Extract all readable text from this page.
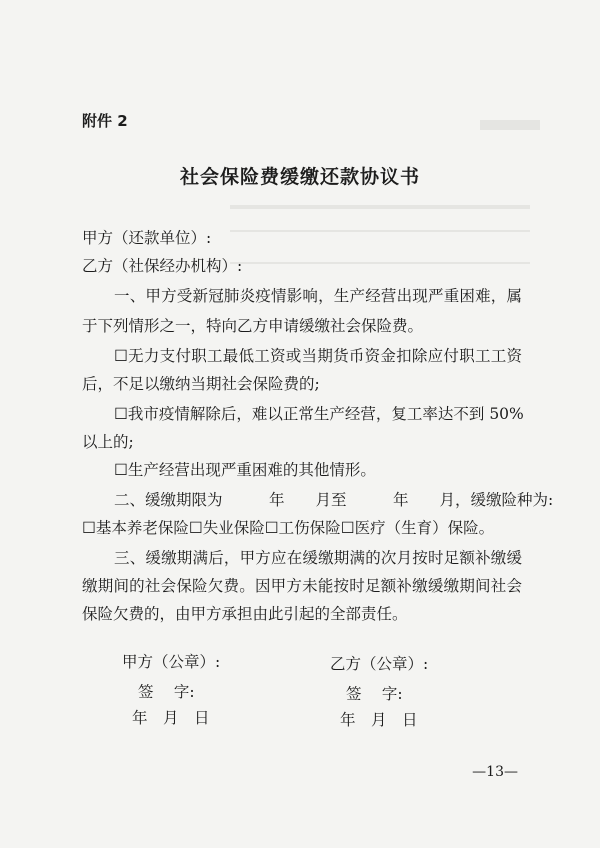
附件 2
社会保险费缓缴还款协议书
甲方（还款单位）:
乙方（社保经办机构）:
一、甲方受新冠肺炎疫情影响，生产经营出现严重困难，属
于下列情形之一，特向乙方申请缓缴社会保险费。
☐无力支付职工最低工资或当期货币资金扣除应付职工工资
后，不足以缴纳当期社会保险费的;
☐我市疫情解除后，难以正常生产经营，复工率达不到 50%
以上的;
☐生产经营出现严重困难的其他情形。
二、缓缴期限为　　　年　　月至　　　年　　月，缓缴险种为:
☐基本养老保险☐失业保险☐工伤保险☐医疗（生育）保险。
三、缓缴期满后，甲方应在缓缴期满的次月按时足额补缴缓
缴期间的社会保险欠费。因甲方未能按时足额补缴缓缴期间社会
保险欠费的，由甲方承担由此引起的全部责任。
甲方（公章）:
签　 字:
年　月　日
乙方（公章）:
签　 字:
年　月　日
—13—
